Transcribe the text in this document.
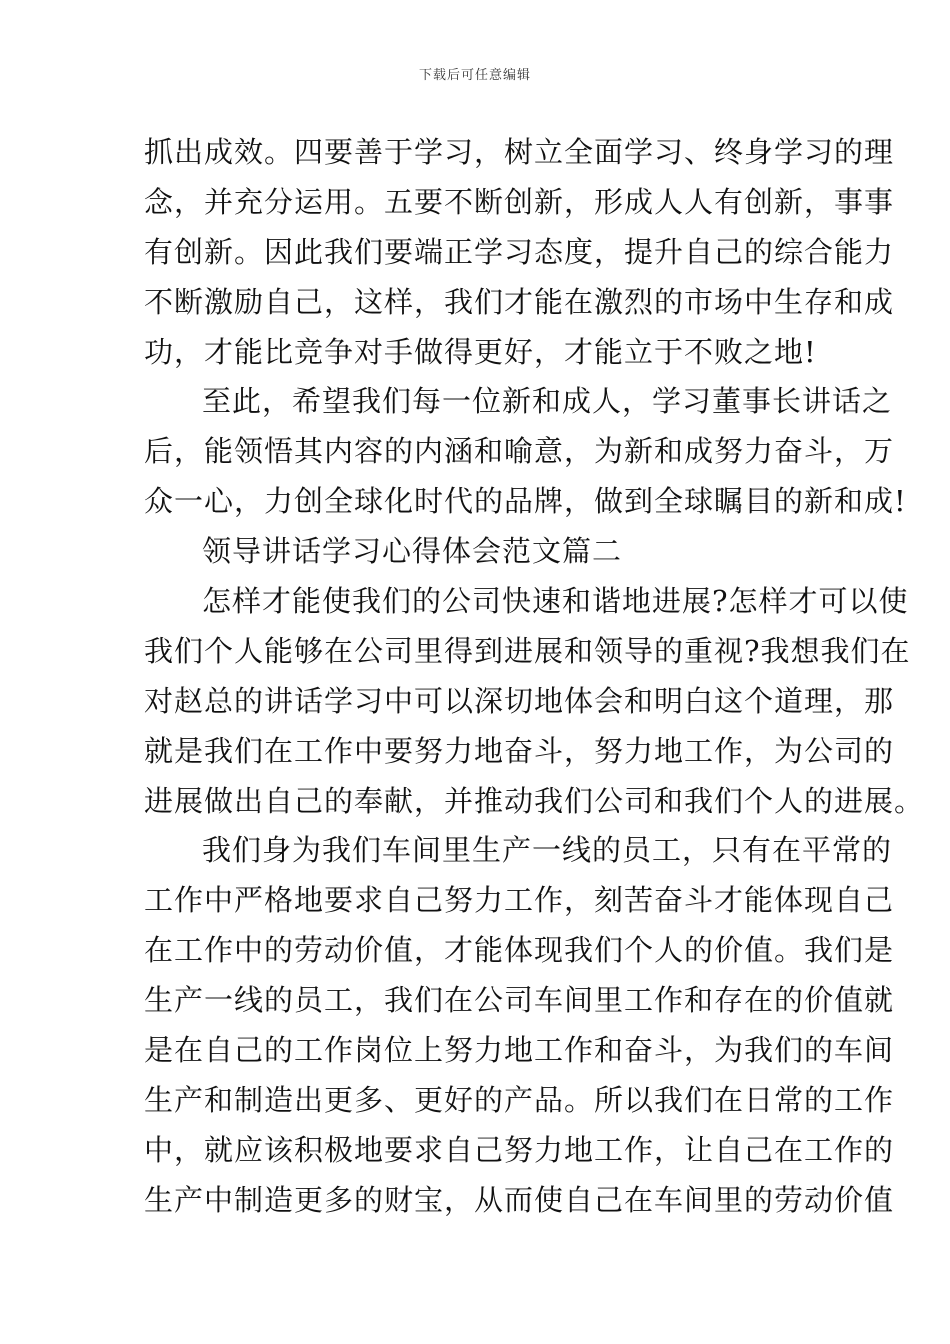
下载后可任意编辑
抓出成效。四要善于学习，树立全面学习、终身学习的理
念，并充分运用。五要不断创新，形成人人有创新，事事
有创新。因此我们要端正学习态度，提升自己的综合能力
不断激励自己，这样，我们才能在激烈的市场中生存和成
功，才能比竞争对手做得更好，才能立于不败之地!
至此，希望我们每一位新和成人，学习董事长讲话之
后，能领悟其内容的内涵和喻意，为新和成努力奋斗，万
众一心，力创全球化时代的品牌，做到全球瞩目的新和成!
领导讲话学习心得体会范文篇二
怎样才能使我们的公司快速和谐地进展?怎样才可以使
我们个人能够在公司里得到进展和领导的重视?我想我们在
对赵总的讲话学习中可以深切地体会和明白这个道理，那
就是我们在工作中要努力地奋斗，努力地工作，为公司的
进展做出自己的奉献，并推动我们公司和我们个人的进展。
我们身为我们车间里生产一线的员工，只有在平常的
工作中严格地要求自己努力工作，刻苦奋斗才能体现自己
在工作中的劳动价值，才能体现我们个人的价值。我们是
生产一线的员工，我们在公司车间里工作和存在的价值就
是在自己的工作岗位上努力地工作和奋斗，为我们的车间
生产和制造出更多、更好的产品。所以我们在日常的工作
中，就应该积极地要求自己努力地工作，让自己在工作的
生产中制造更多的财宝，从而使自己在车间里的劳动价值
